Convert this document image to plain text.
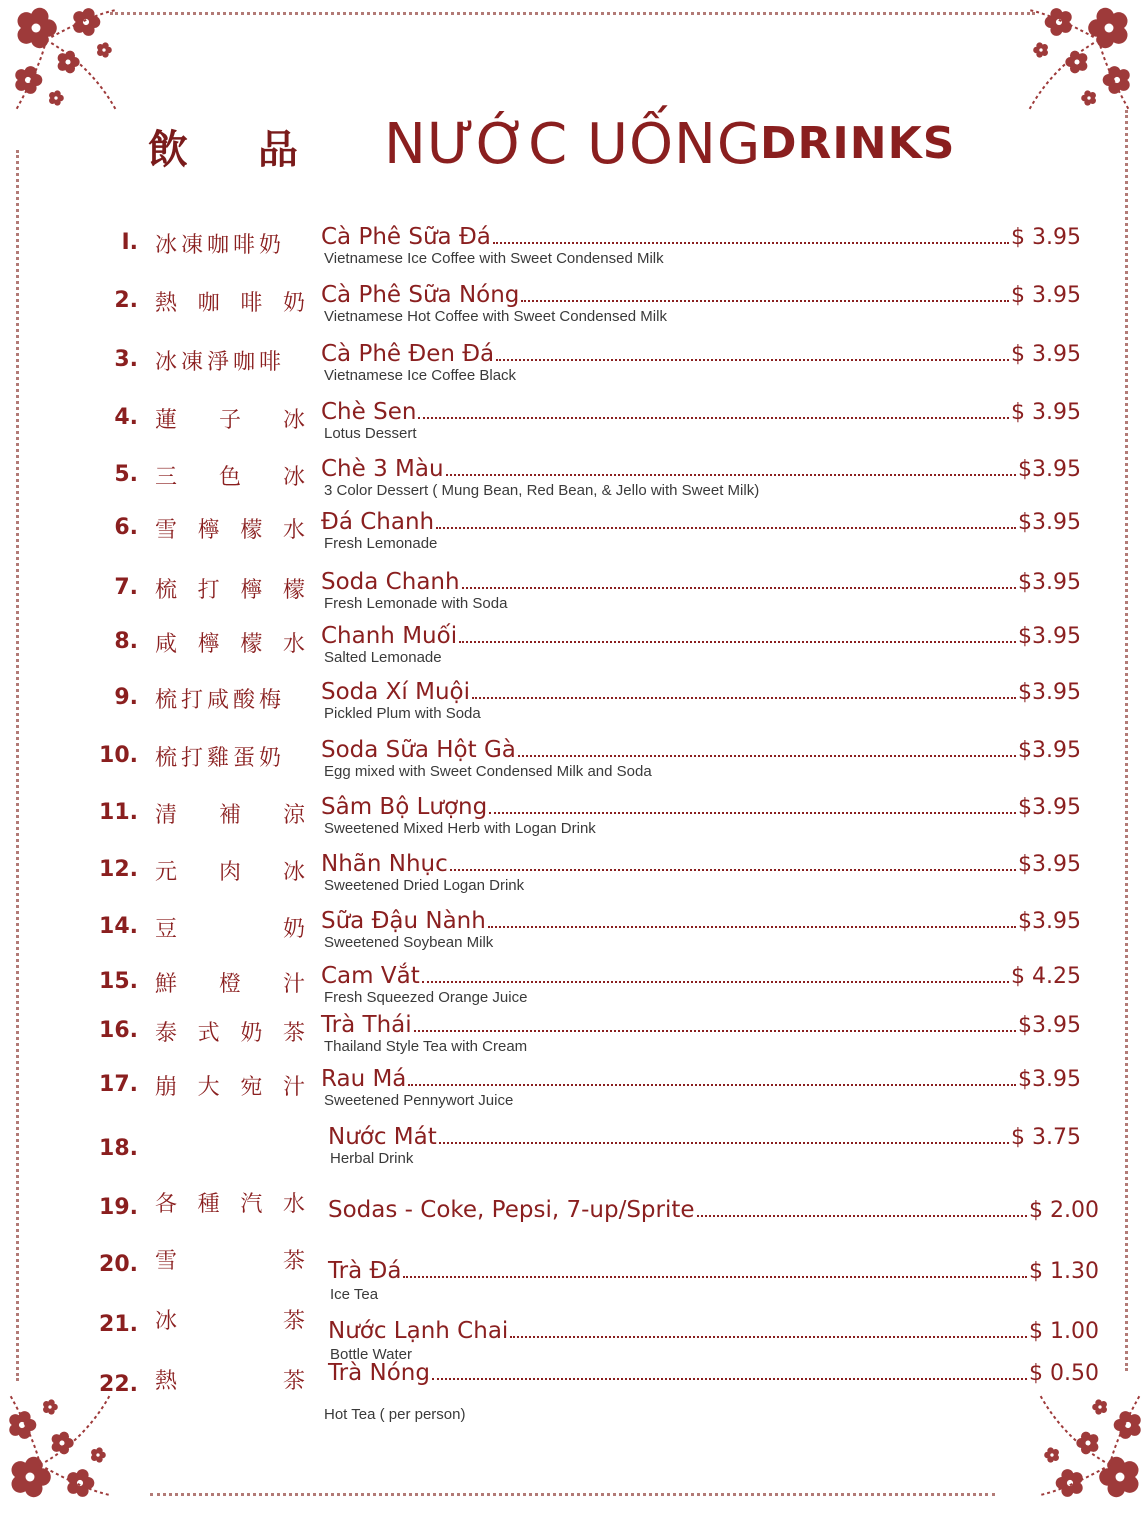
飲 品 NƯỚC UỐNG
DRINKS
I. 冰凍咖啡奶 Cà Phê Sữa Đá	$ 3.95
Vietnamese Ice Coffee with Sweet Condensed Milk
2. 熱 咖 啡 奶 Cà Phê Sữa Nóng	$ 3.95
Vietnamese Hot Coffee with Sweet Condensed Milk
3. 冰凍淨咖啡 Cà Phê Đen Đá	$ 3.95
Vietnamese Ice Coffee Black
4. 蓮 子 冰 Chè Sen	$ 3.95
Lotus Dessert
5. 三 色 冰 Chè 3 Màu	$3.95
3 Color Dessert ( Mung Bean, Red Bean, & Jello with Sweet Milk)
6. 雪 檸 檬 水 Đá Chanh	$3.95
Fresh Lemonade
7. 梳 打 檸 檬 Soda Chanh	$3.95
Fresh Lemonade with Soda
8. 咸 檸 檬 水 Chanh Muối	$3.95
Salted Lemonade
9. 梳打咸酸梅 Soda Xí Muội	$3.95
Pickled Plum with Soda
10. 梳打雞蛋奶 Soda Sữa Hột Gà	$3.95
Egg mixed with Sweet Condensed Milk and Soda
11. 清 補 涼 Sâm Bộ Lượng	$3.95
Sweetened Mixed Herb with Logan Drink
12. 元 肉 冰 Nhãn Nhục	$3.95
Sweetened Dried Logan Drink
14. 豆	奶 Sữa Đậu Nành	$3.95
Sweetened Soybean Milk
15. 鮮 橙 汁 Cam Vắt	$ 4.25
Fresh Squeezed Orange Juice
16. 泰 式 奶 茶 Trà Thái	$3.95
Thailand Style Tea with Cream
17. 崩 大 宛 汁 Rau Má	$3.95
Sweetened Pennywort Juice
18.	Nước Mát	$ 3.75
Herbal Drink
19. 各 種 汽 水 Sodas - Coke, Pepsi, 7-up/Sprite	$ 2.00
20. 雪	茶 Trà Đá	$ 1.30
Ice Tea
21. 冰	茶 Nước Lạnh Chai	$ 1.00
Bottle Water
22. 熱	茶 Trà Nóng	$ 0.50
Hot Tea ( per person)
